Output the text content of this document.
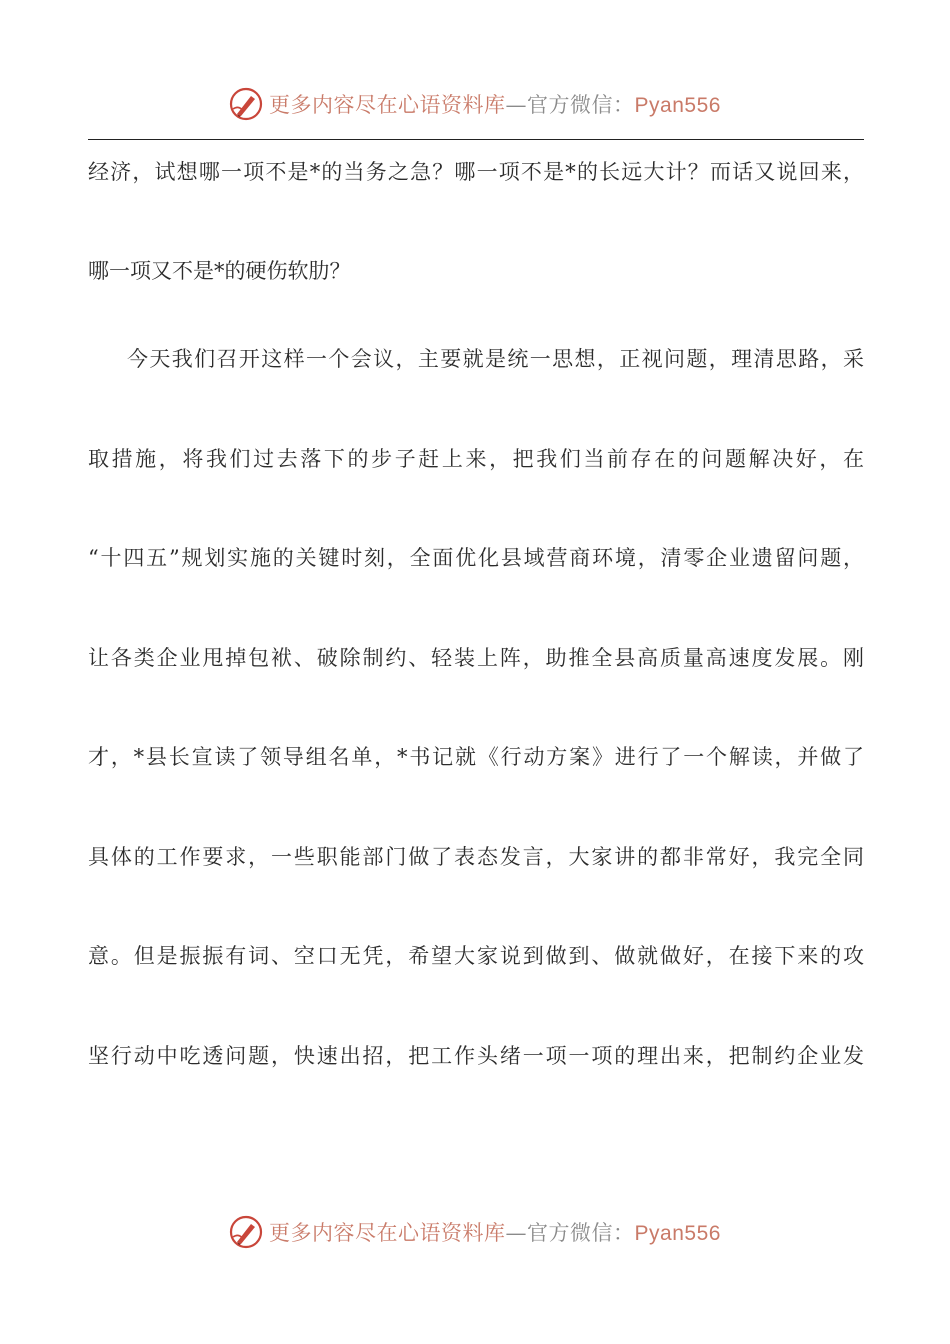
更多内容尽在心语资料库—官方微信：Pyan556
经济，试想哪一项不是*的当务之急？哪一项不是*的长远大计？而话又说回来，
哪一项又不是*的硬伤软肋？
今天我们召开这样一个会议，主要就是统一思想，正视问题，理清思路，采
取措施，将我们过去落下的步子赶上来，把我们当前存在的问题解决好，在
“十四五”规划实施的关键时刻，全面优化县域营商环境，清零企业遗留问题，
让各类企业甩掉包袱、破除制约、轻装上阵，助推全县高质量高速度发展。刚
才，*县长宣读了领导组名单，*书记就《行动方案》进行了一个解读，并做了
具体的工作要求，一些职能部门做了表态发言，大家讲的都非常好，我完全同
意。但是振振有词、空口无凭，希望大家说到做到、做就做好，在接下来的攻
坚行动中吃透问题，快速出招，把工作头绪一项一项的理出来，把制约企业发
更多内容尽在心语资料库—官方微信：Pyan556
